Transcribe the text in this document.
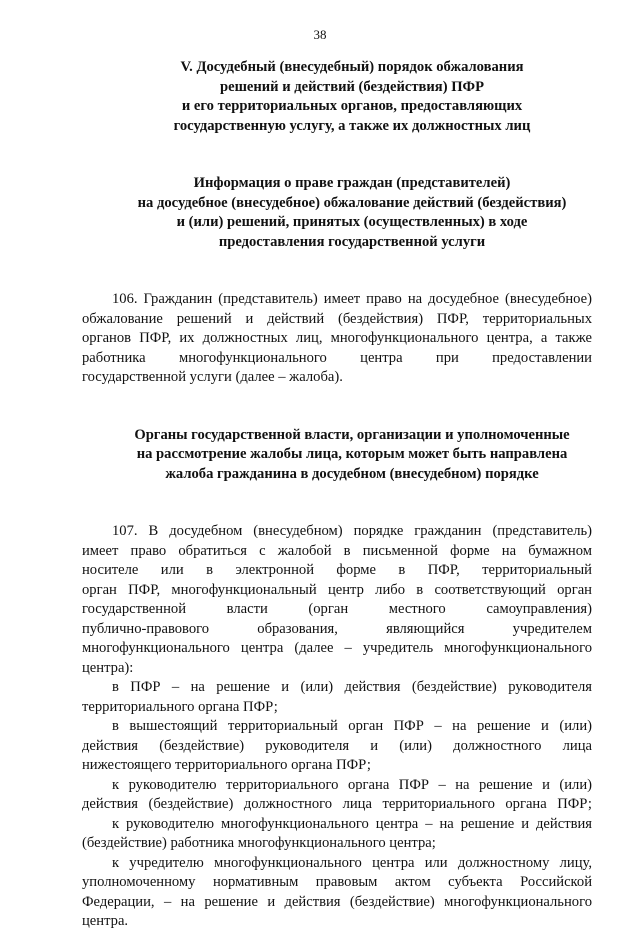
38
V. Досудебный (внесудебный) порядок обжалования
решений и действий (бездействия) ПФР
и его территориальных органов, предоставляющих
государственную услугу, а также их должностных лиц
Информация о праве граждан (представителей)
на досудебное (внесудебное) обжалование действий (бездействия)
и (или) решений, принятых (осуществленных) в ходе
предоставления государственной услуги
106. Гражданин (представитель) имеет право на досудебное (внесудебное)
обжалование решений и действий (бездействия) ПФР, территориальных
органов ПФР, их должностных лиц, многофункционального центра, а также
работника многофункционального центра при предоставлении
государственной услуги (далее – жалоба).
Органы государственной власти, организации и уполномоченные
на рассмотрение жалобы лица, которым может быть направлена
жалоба гражданина в досудебном (внесудебном) порядке
107. В досудебном (внесудебном) порядке гражданин (представитель)
имеет право обратиться с жалобой в письменной форме на бумажном
носителе или в электронной форме в ПФР, территориальный
орган ПФР, многофункциональный центр либо в соответствующий орган
государственной власти (орган местного самоуправления)
публично-правового образования, являющийся учредителем
многофункционального центра (далее – учредитель многофункционального
центра):
в ПФР – на решение и (или) действия (бездействие) руководителя
территориального органа ПФР;
в вышестоящий территориальный орган ПФР – на решение и (или)
действия (бездействие) руководителя и (или) должностного лица
нижестоящего территориального органа ПФР;
к руководителю территориального органа ПФР – на решение и (или)
действия (бездействие) должностного лица территориального органа ПФР;
к руководителю многофункционального центра – на решение и действия
(бездействие) работника многофункционального центра;
к учредителю многофункционального центра или должностному лицу,
уполномоченному нормативным правовым актом субъекта Российской
Федерации, – на решение и действия (бездействие) многофункционального
центра.
